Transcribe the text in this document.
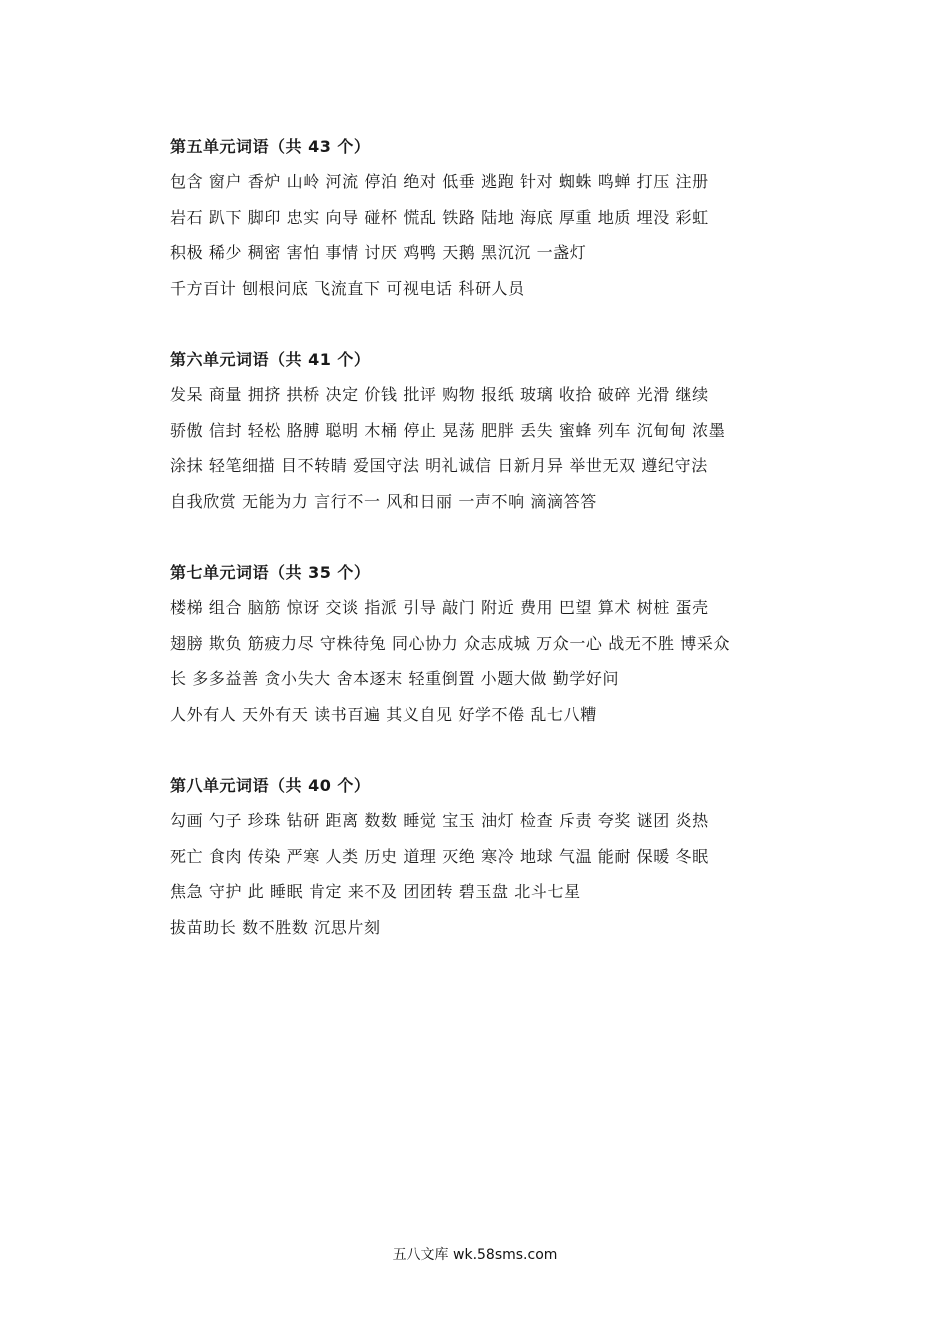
第五单元词语（共 43 个）
包含 窗户 香炉 山岭 河流 停泊 绝对 低垂 逃跑 针对 蜘蛛 鸣蝉 打压 注册
岩石 趴下 脚印 忠实 向导 碰杯 慌乱 铁路 陆地 海底 厚重 地质 埋没 彩虹
积极 稀少 稠密 害怕 事情 讨厌 鸡鸭 天鹅 黑沉沉 一盏灯
千方百计 刨根问底 飞流直下 可视电话 科研人员
第六单元词语（共 41 个）
发呆 商量 拥挤 拱桥 决定 价钱 批评 购物 报纸 玻璃 收拾 破碎 光滑 继续
骄傲 信封 轻松 胳膊 聪明 木桶 停止 晃荡 肥胖 丢失 蜜蜂 列车 沉甸甸 浓墨
涂抹 轻笔细描 目不转睛 爱国守法 明礼诚信 日新月异 举世无双 遵纪守法
自我欣赏 无能为力 言行不一 风和日丽 一声不响 滴滴答答
第七单元词语（共 35 个）
楼梯 组合 脑筋 惊讶 交谈 指派 引导 敲门 附近 费用 巴望 算术 树桩 蛋壳
翅膀 欺负 筋疲力尽 守株待兔 同心协力 众志成城 万众一心 战无不胜 博采众
长 多多益善 贪小失大 舍本逐末 轻重倒置 小题大做 勤学好问
人外有人 天外有天 读书百遍 其义自见 好学不倦 乱七八糟
第八单元词语（共 40 个）
勾画 勺子 珍珠 钻研 距离 数数 睡觉 宝玉 油灯 检查 斥责 夸奖 谜团 炎热
死亡 食肉 传染 严寒 人类 历史 道理 灭绝 寒冷 地球 气温 能耐 保暖 冬眠
焦急 守护 此 睡眠 肯定 来不及 团团转 碧玉盘 北斗七星
拔苗助长 数不胜数 沉思片刻
五八文库 wk.58sms.com
